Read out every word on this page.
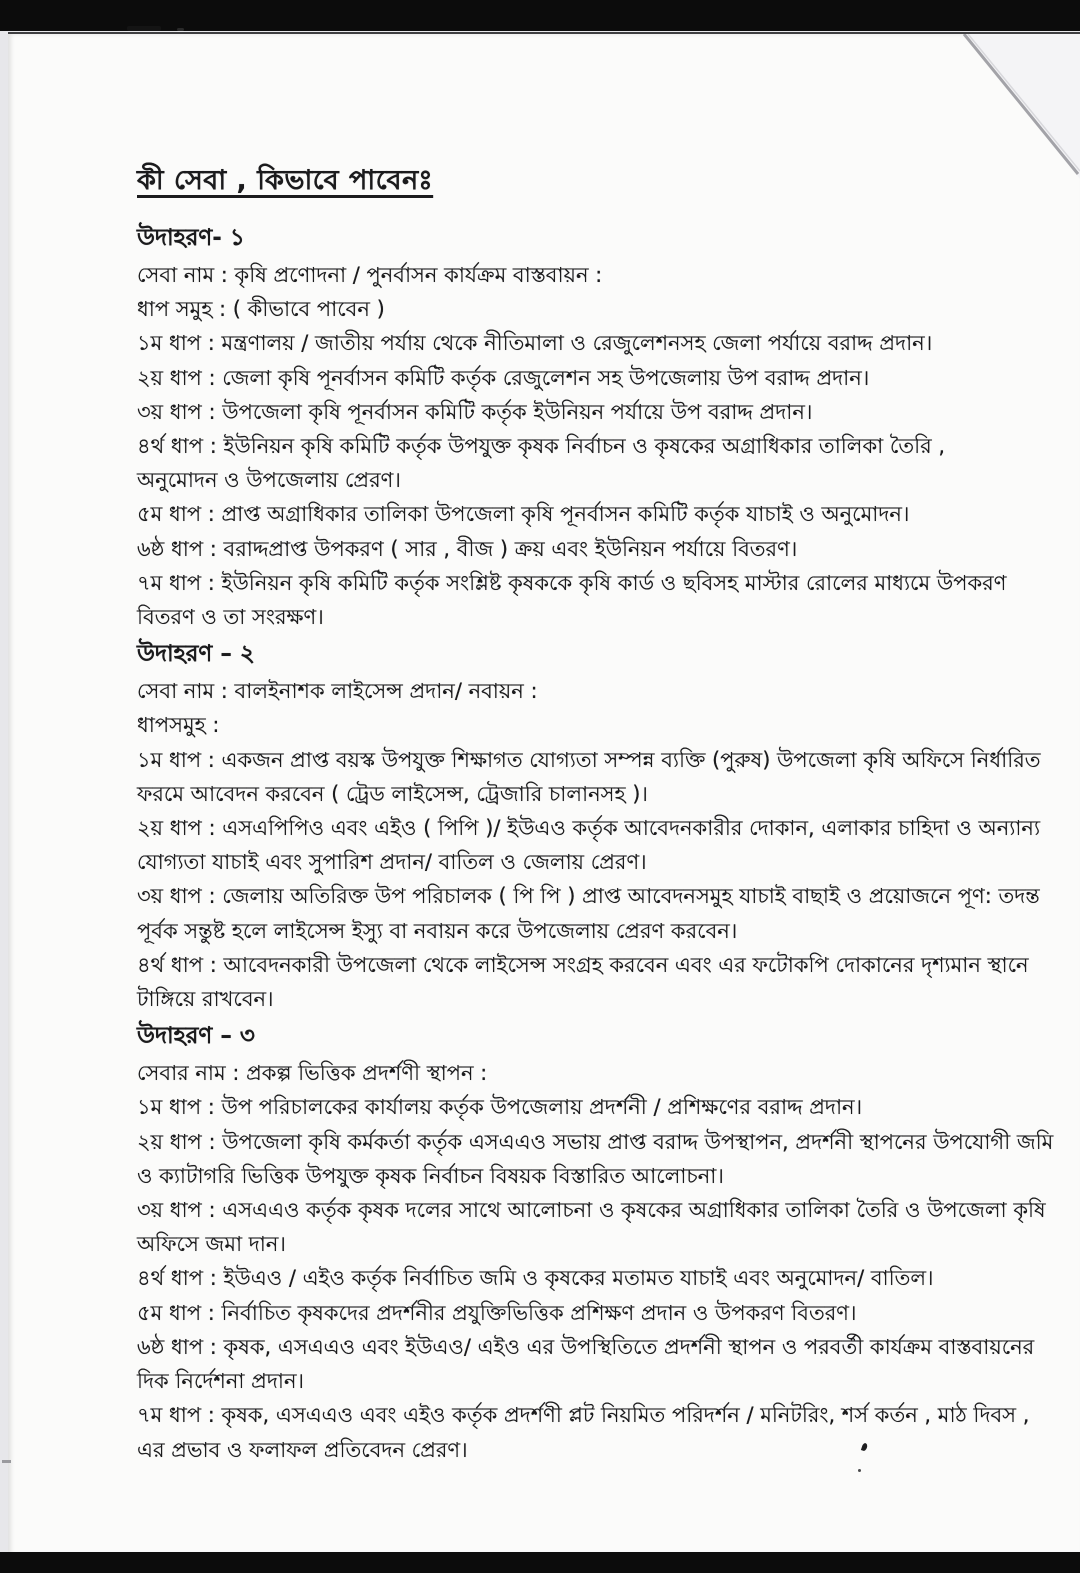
কী সেবা , কিভাবে পাবেনঃ
উদাহরণ- ১
সেবা নাম : কৃষি প্রণোদনা / পুনর্বাসন কার্যক্রম বাস্তবায়ন :
ধাপ সমুহ : ( কীভাবে পাবেন )
১ম ধাপ : মন্ত্রণালয় / জাতীয় পর্যায় থেকে নীতিমালা ও রেজুলেশনসহ জেলা পর্যায়ে বরাদ্দ প্রদান।
২য় ধাপ : জেলা কৃষি পূনর্বাসন কমিটি কর্তৃক রেজুলেশন সহ উপজেলায় উপ বরাদ্দ প্রদান।
৩য় ধাপ : উপজেলা কৃষি পূনর্বাসন কমিটি কর্তৃক ইউনিয়ন পর্যায়ে উপ বরাদ্দ প্রদান।
৪র্থ ধাপ : ইউনিয়ন কৃষি কমিটি কর্তৃক উপযুক্ত কৃষক নির্বাচন ও কৃষকের অগ্রাধিকার তালিকা তৈরি ,
অনুমোদন ও উপজেলায় প্রেরণ।
৫ম ধাপ : প্রাপ্ত অগ্রাধিকার তালিকা উপজেলা কৃষি পূনর্বাসন কমিটি কর্তৃক যাচাই ও অনুমোদন।
৬ষ্ঠ ধাপ : বরাদ্দপ্রাপ্ত উপকরণ ( সার , বীজ ) ক্রয় এবং ইউনিয়ন পর্যায়ে বিতরণ।
৭ম ধাপ : ইউনিয়ন কৃষি কমিটি কর্তৃক সংশ্লিষ্ট কৃষককে কৃষি কার্ড ও ছবিসহ মাস্টার রোলের মাধ্যমে উপকরণ
বিতরণ ও তা সংরক্ষণ।
উদাহরণ – ২
সেবা নাম : বালইনাশক লাইসেন্স প্রদান/ নবায়ন :
ধাপসমুহ :
১ম ধাপ : একজন প্রাপ্ত বয়স্ক উপযুক্ত শিক্ষাগত যোগ্যতা সম্পন্ন ব্যক্তি (পুরুষ) উপজেলা কৃষি অফিসে নির্ধারিত
ফরমে আবেদন করবেন ( ট্রেড লাইসেন্স, ট্রেজারি চালানসহ )।
২য় ধাপ : এসএপিপিও এবং এইও ( পিপি )/ ইউএও কর্তৃক আবেদনকারীর দোকান, এলাকার চাহিদা ও অন্যান্য
যোগ্যতা যাচাই এবং সুপারিশ প্রদান/ বাতিল ও জেলায় প্রেরণ।
৩য় ধাপ : জেলায় অতিরিক্ত উপ পরিচালক ( পি পি ) প্রাপ্ত আবেদনসমুহ যাচাই বাছাই ও প্রয়োজনে পূণ: তদন্ত
পূর্বক সন্তুষ্ট হলে লাইসেন্স ইস্যু বা নবায়ন করে উপজেলায় প্রেরণ করবেন।
৪র্থ ধাপ : আবেদনকারী উপজেলা থেকে লাইসেন্স সংগ্রহ করবেন এবং এর ফটোকপি দোকানের দৃশ্যমান স্থানে
টাঙ্গিয়ে রাখবেন।
উদাহরণ – ৩
সেবার নাম : প্রকল্প ভিত্তিক প্রদর্শণী স্থাপন :
১ম ধাপ : উপ পরিচালকের কার্যালয় কর্তৃক উপজেলায় প্রদর্শনী / প্রশিক্ষণের বরাদ্দ প্রদান।
২য় ধাপ : উপজেলা কৃষি কর্মকর্তা কর্তৃক এসএএও সভায় প্রাপ্ত বরাদ্দ উপস্থাপন, প্রদর্শনী স্থাপনের উপযোগী জমি
ও ক্যাটাগরি ভিত্তিক উপযুক্ত কৃষক নির্বাচন বিষয়ক বিস্তারিত আলোচনা।
৩য় ধাপ : এসএএও কর্তৃক কৃষক দলের সাথে আলোচনা ও কৃষকের অগ্রাধিকার তালিকা তৈরি ও উপজেলা কৃষি
অফিসে জমা দান।
৪র্থ ধাপ : ইউএও / এইও কর্তৃক নির্বাচিত জমি ও কৃষকের মতামত যাচাই এবং অনুমোদন/ বাতিল।
৫ম ধাপ : নির্বাচিত কৃষকদের প্রদর্শনীর প্রযুক্তিভিত্তিক প্রশিক্ষণ প্রদান ও উপকরণ বিতরণ।
৬ষ্ঠ ধাপ : কৃষক, এসএএও এবং ইউএও/ এইও এর উপস্থিতিতে প্রদর্শনী স্থাপন ও পরবর্তী কার্যক্রম বাস্তবায়নের
দিক নির্দেশনা প্রদান।
৭ম ধাপ : কৃষক, এসএএও এবং এইও কর্তৃক প্রদর্শণী প্লট নিয়মিত পরিদর্শন / মনিটরিং, শর্স কর্তন , মাঠ দিবস ,
এর প্রভাব ও ফলাফল প্রতিবেদন প্রেরণ।
